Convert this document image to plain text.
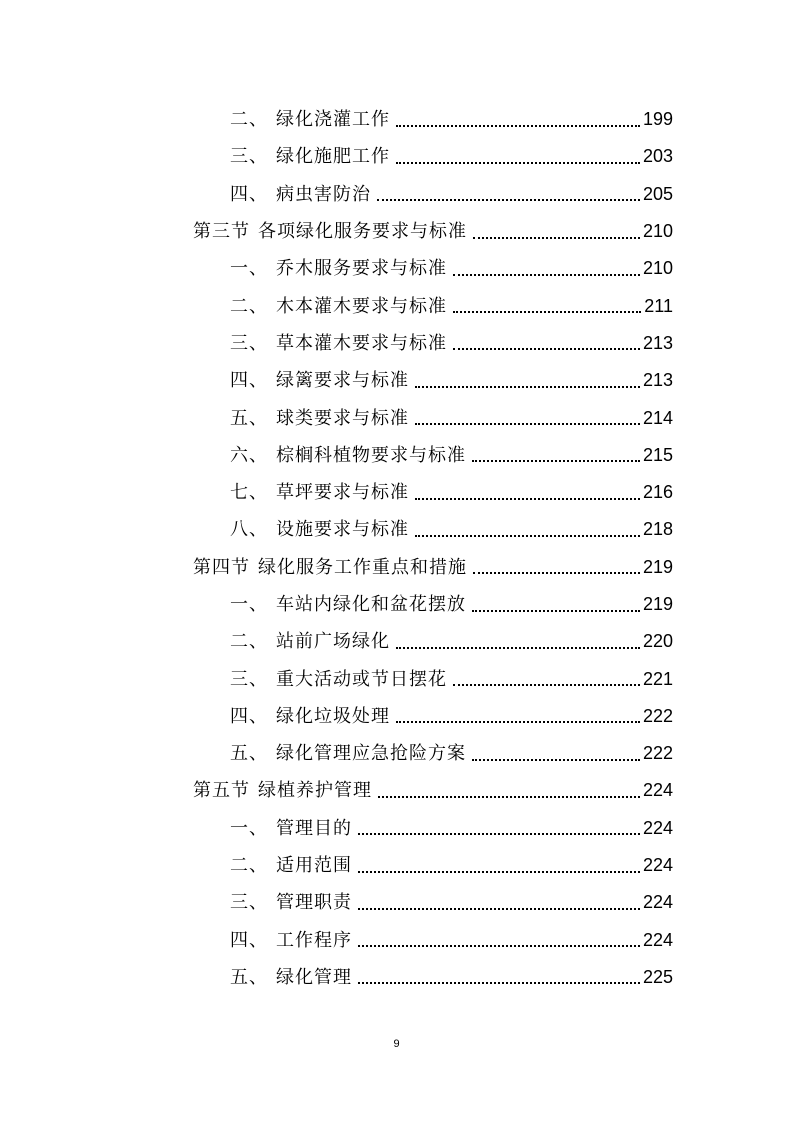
二、 绿化浇灌工作	199
三、 绿化施肥工作	203
四、 病虫害防治	205
第三节 各项绿化服务要求与标准	210
一、 乔木服务要求与标准	210
二、 木本灌木要求与标准	211
三、 草本灌木要求与标准	213
四、 绿篱要求与标准	213
五、 球类要求与标准	214
六、 棕榈科植物要求与标准	215
七、 草坪要求与标准	216
八、 设施要求与标准	218
第四节 绿化服务工作重点和措施	219
一、 车站内绿化和盆花摆放	219
二、 站前广场绿化	220
三、 重大活动或节日摆花	221
四、 绿化垃圾处理	222
五、 绿化管理应急抢险方案	222
第五节 绿植养护管理	224
一、 管理目的	224
二、 适用范围	224
三、 管理职责	224
四、 工作程序	224
五、 绿化管理	225
9
